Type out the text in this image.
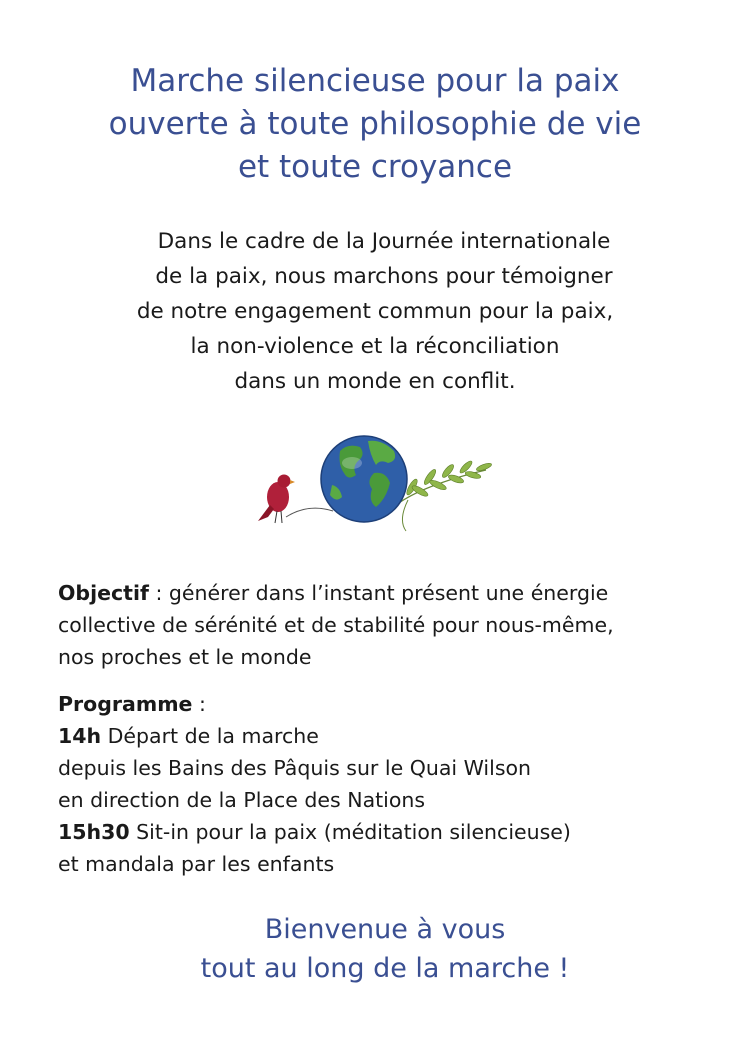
Marche silencieuse pour la paix
ouverte à toute philosophie de vie
et toute croyance

Dans le cadre de la Journée internationale
de la paix, nous marchons pour témoigner
de notre engagement commun pour la paix,
la non-violence et la réconciliation
dans un monde en conflit.

Objectif : générer dans l’instant présent une énergie
collective de sérénité et de stabilité pour nous-même,
nos proches et le monde

Programme :
14h Départ de la marche
depuis les Bains des Pâquis sur le Quai Wilson
en direction de la Place des Nations
15h30 Sit-in pour la paix (méditation silencieuse)
et mandala par les enfants

Bienvenue à vous
tout au long de la marche !
